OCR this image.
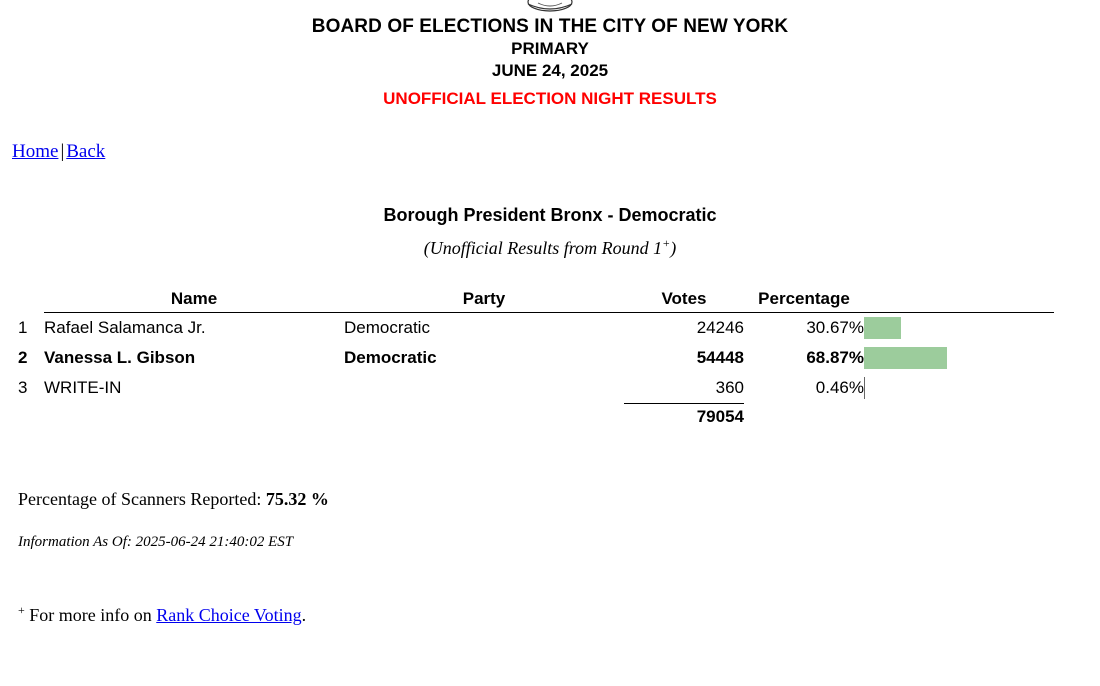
BOARD OF ELECTIONS IN THE CITY OF NEW YORK
PRIMARY
JUNE 24, 2025
UNOFFICIAL ELECTION NIGHT RESULTS
Home | Back
Borough President Bronx - Democratic
(Unofficial Results from Round 1+)
	Name	Party	Votes	Percentage	
1	Rafael Salamanca Jr.	Democratic	24246	30.67%	

2	Vanessa L. Gibson	Democratic	54448	68.87%	

3	WRITE-IN		360	0.46%	

			79054		
Percentage of Scanners Reported: 75.32 %
Information As Of: 2025-06-24 21:40:02 EST
+ For more info on Rank Choice Voting.
